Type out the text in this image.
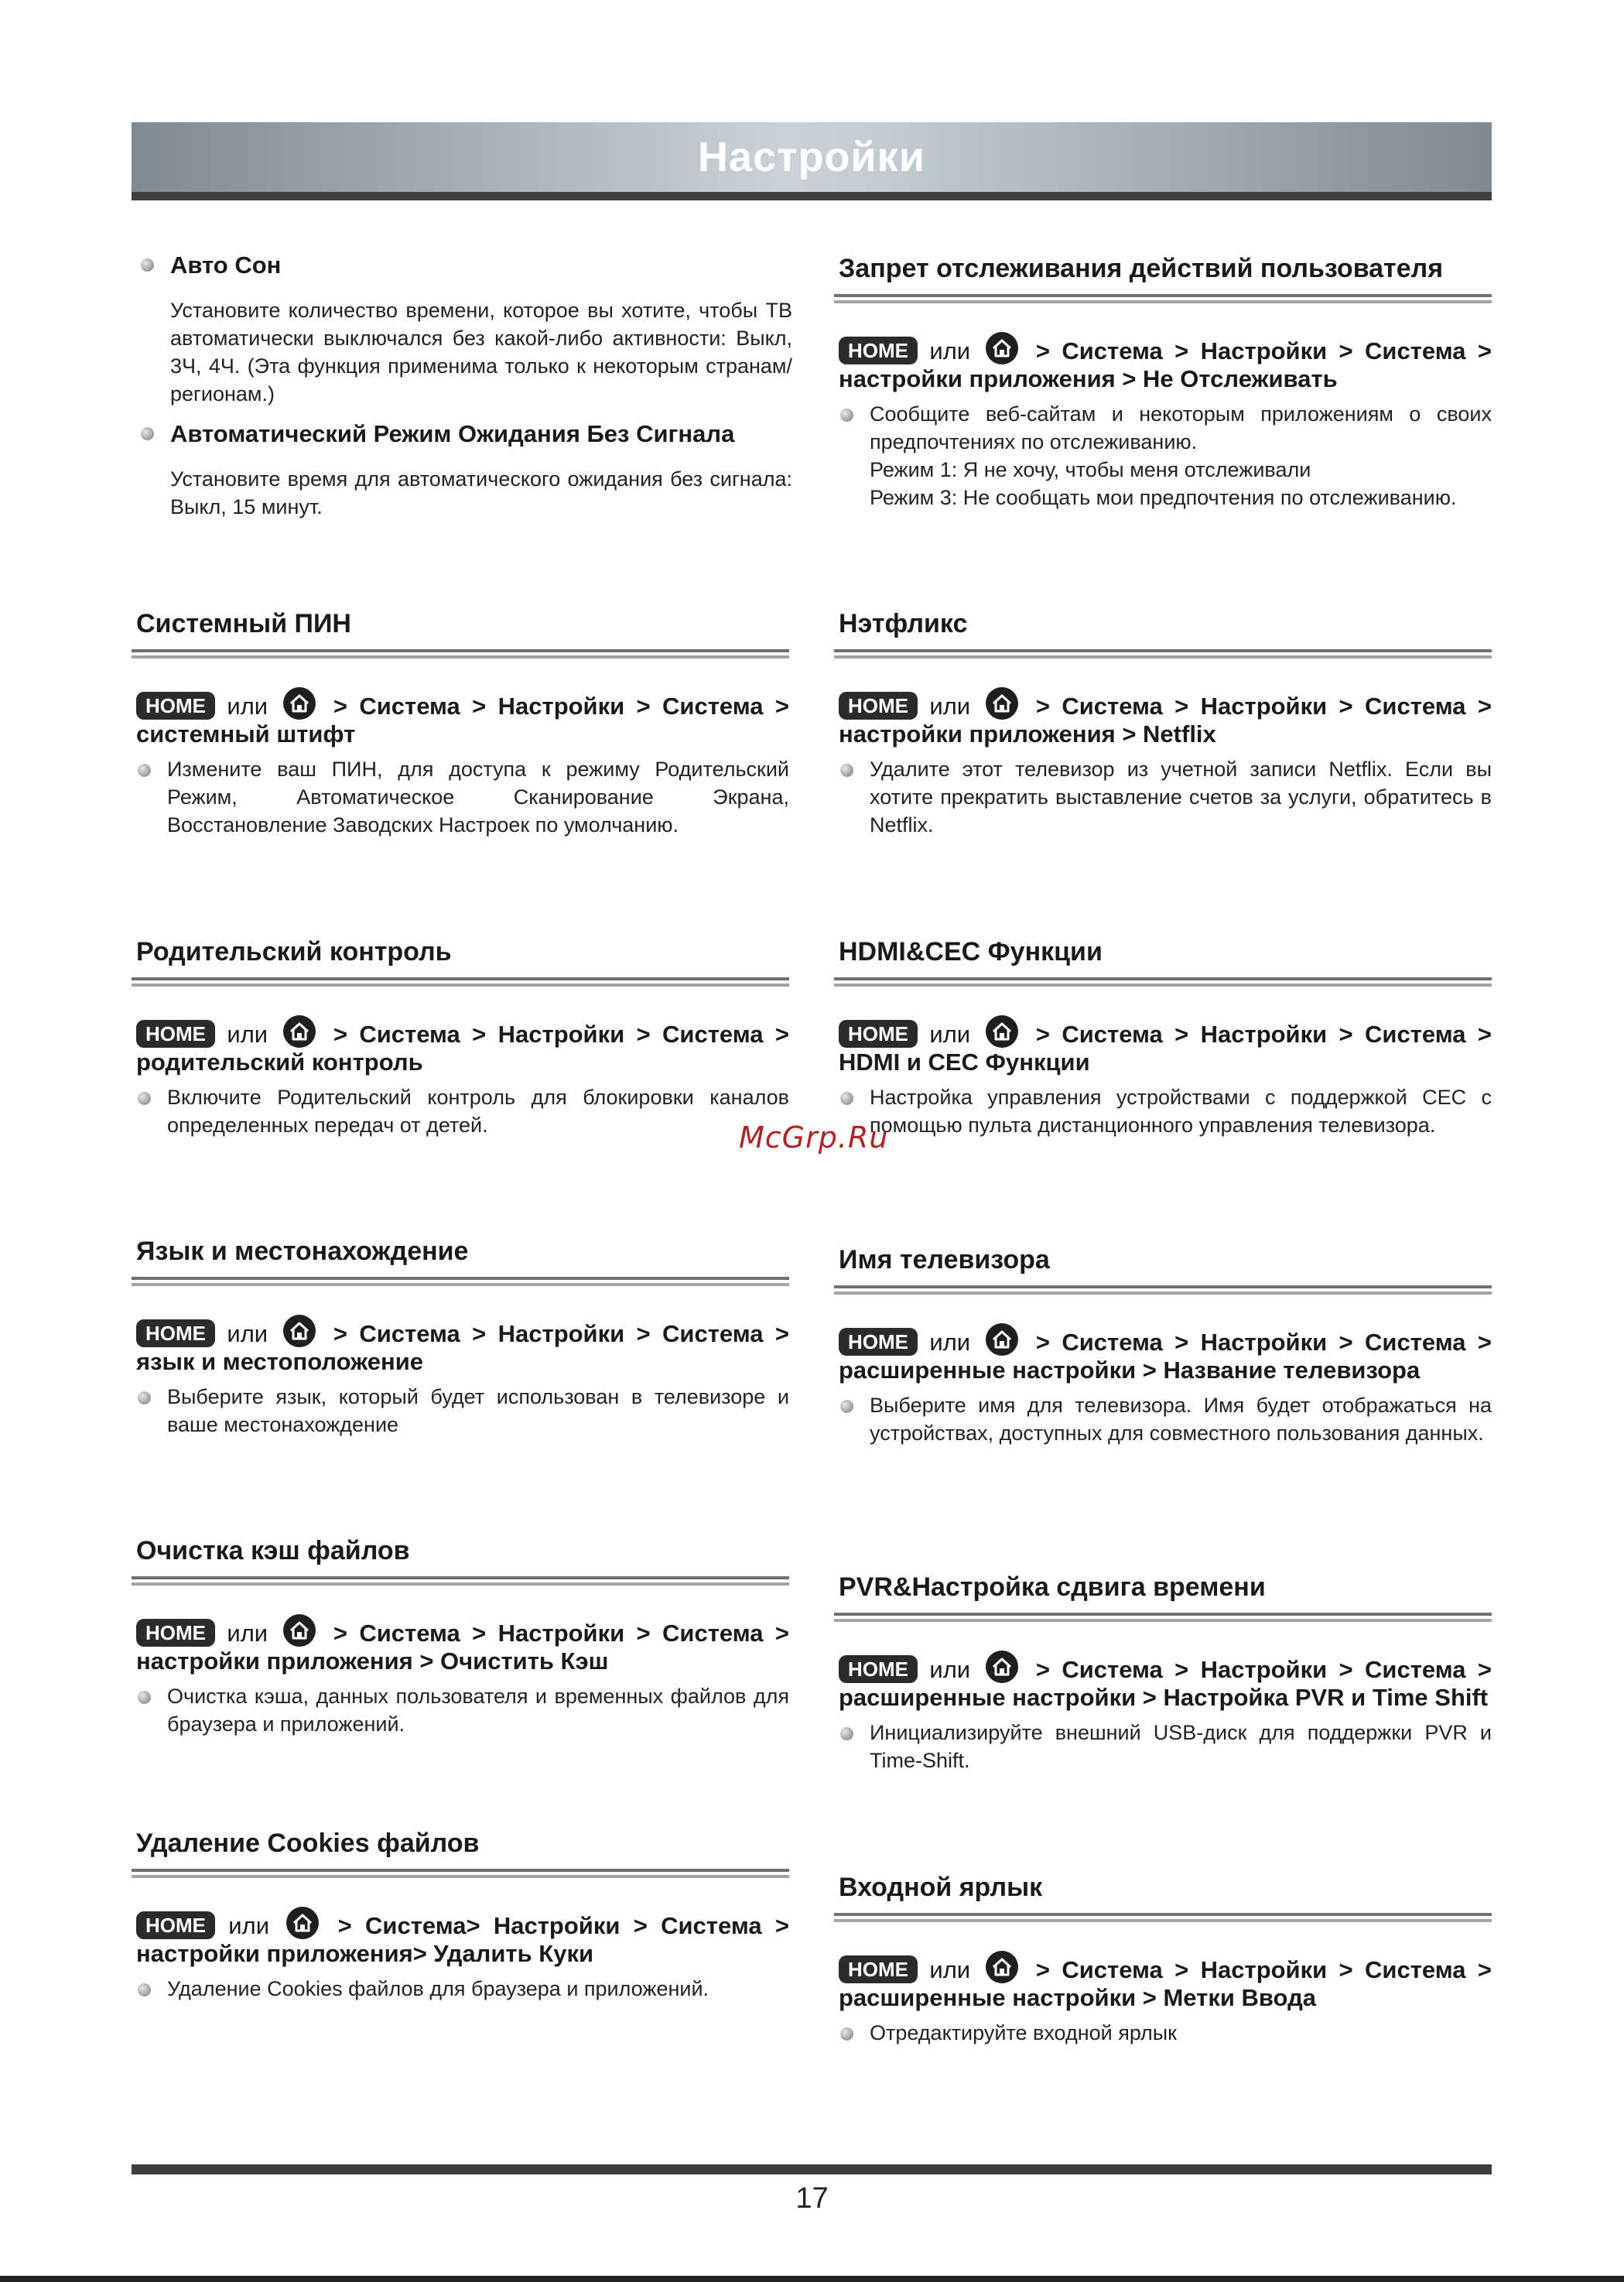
Настройки
Авто Сон
Установите количество времени, которое вы хотите, чтобы ТВ автоматически выключался без какой-либо активности: Выкл, 3Ч, 4Ч. (Эта функция применима только к некоторым странам/регионам.)
Автоматический Режим Ожидания Без Сигнала
Установите время для автоматического ожидания без сигнала: Выкл, 15 минут.
Запрет отслеживания действий пользователя
HOME или	> Система > Настройки > Система > настройки приложения > Не Отслеживать
Сообщите веб-сайтам и некоторым приложениям о своих предпочтениях по отслеживанию.
Режим 1: Я не хочу, чтобы меня отслеживали
Режим 3: Не сообщать мои предпочтения по отслеживанию.
Системный ПИН
HOME или	> Система > Настройки > Система > системный штифт
Измените ваш ПИН, для доступа к режиму Родительский Режим, Автоматическое Сканирование Экрана, Восстановление Заводских Настроек по умолчанию.
Нэтфликс
HOME или	> Система > Настройки > Система > настройки приложения > Netflix
Удалите этот телевизор из учетной записи Netflix. Если вы хотите прекратить выставление счетов за услуги, обратитесь в Netflix.
Родительский контроль
HOME или	> Система > Настройки > Система > родительский контроль
Включите Родительский контроль для блокировки каналов определенных передач от детей.
HDMI&CEC Функции
HOME или	> Система > Настройки > Система > HDMI и CEC Функции
Настройка управления устройствами с поддержкой CEC с помощью пульта дистанционного управления телевизора.
McGrp.Ru
Язык и местонахождение
HOME или	> Система > Настройки > Система > язык и местоположение
Выберите язык, который будет использован в телевизоре и ваше местонахождение
Имя телевизора
HOME или	> Система > Настройки > Система > расширенные настройки > Название телевизора
Выберите имя для телевизора. Имя будет отображаться на устройствах, доступных для совместного пользования данных.
Очистка кэш файлов
HOME или	> Система > Настройки > Система > настройки приложения > Очистить Кэш
Очистка кэша, данных пользователя и временных файлов для браузера и приложений.
PVR&Настройка сдвига времени
HOME или	> Система > Настройки > Система > расширенные настройки > Настройка PVR и Time Shift
Инициализируйте внешний USB-диск для поддержки PVR и Time-Shift.
Удаление Cookies файлов
HOME или	> Система> Настройки > Система > настройки приложения> Удалить Куки
Удаление Cookies файлов для браузера и приложений.
Входной ярлык
HOME или	> Система > Настройки > Система > расширенные настройки > Метки Ввода
Отредактируйте входной ярлык
17
